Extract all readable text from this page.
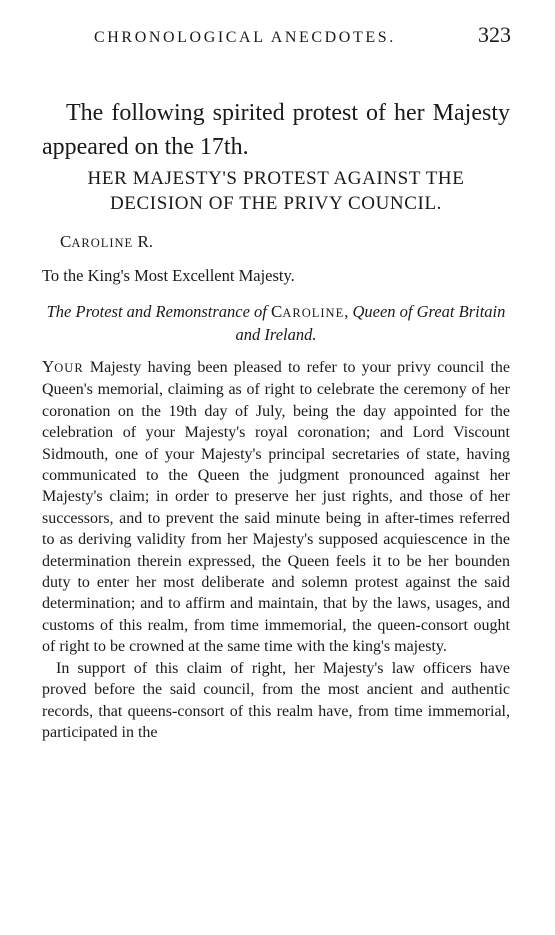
CHRONOLOGICAL ANECDOTES.	323

The following spirited protest of her Majesty appeared on the 17th.

HER MAJESTY'S PROTEST AGAINST THE DECISION OF THE PRIVY COUNCIL.
CAROLINE R.
To the King's Most Excellent Majesty.
The Protest and Remonstrance of CAROLINE, Queen of Great Britain and Ireland.

YOUR Majesty having been pleased to refer to your privy council the Queen's memorial, claiming as of right to celebrate the ceremony of her coronation on the 19th day of July, being the day appointed for the celebration of your Majesty's royal coronation; and Lord Viscount Sidmouth, one of your Majesty's principal secretaries of state, having communicated to the Queen the judgment pronounced against her Majesty's claim; in order to preserve her just rights, and those of her successors, and to prevent the said minute being in after-times referred to as deriving validity from her Majesty's supposed acquiescence in the determination therein expressed, the Queen feels it to be her bounden duty to enter her most deliberate and solemn protest against the said determination; and to affirm and maintain, that by the laws, usages, and customs of this realm, from time immemorial, the queen-consort ought of right to be crowned at the same time with the king's majesty.

In support of this claim of right, her Majesty's law officers have proved before the said council, from the most ancient and authentic records, that queens-consort of this realm have, from time immemorial, participated in the
